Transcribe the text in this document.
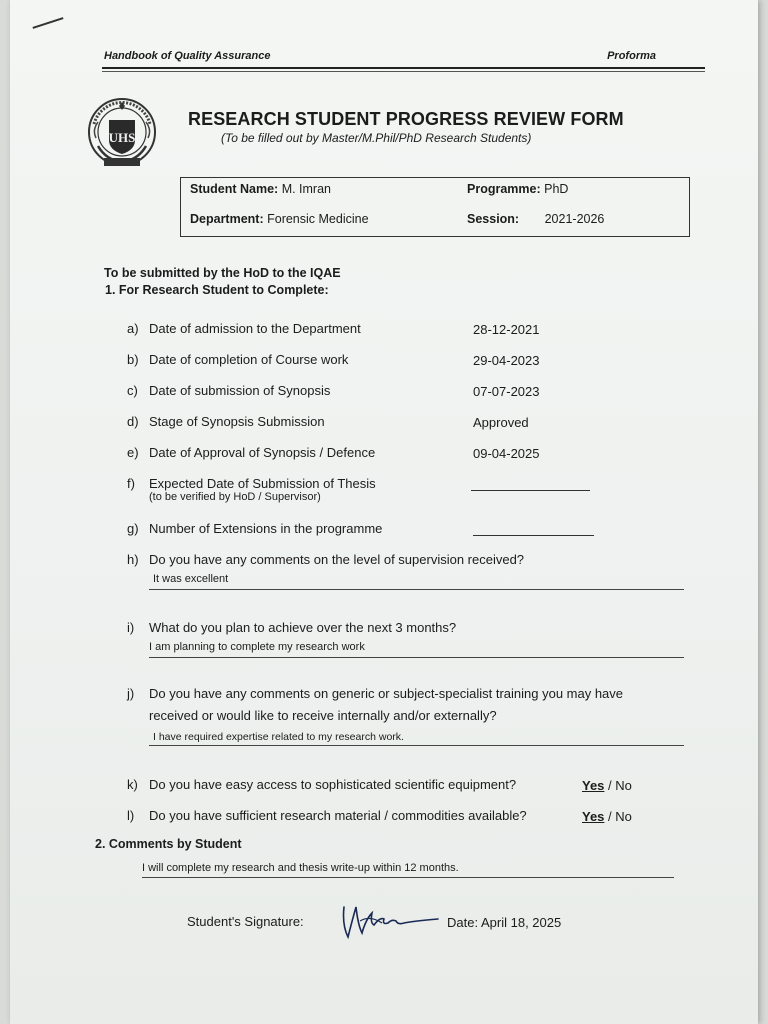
Handbook of Quality Assurance	Proforma
UHS
RESEARCH STUDENT PROGRESS REVIEW FORM
(To be filled out by Master/M.Phil/PhD Research Students)
Student Name: M. Imran	Programme: PhD
Department: Forensic Medicine	Session: 2021-2026
To be submitted by the HoD to the IQAE
1. For Research Student to Complete:
a) Date of admission to the Department	28-12-2021
b) Date of completion of Course work	29-04-2023
c) Date of submission of Synopsis	07-07-2023
d) Stage of Synopsis Submission	Approved
e) Date of Approval of Synopsis / Defence	09-04-2025
f) Expected Date of Submission of Thesis
(to be verified by HoD / Supervisor)
g) Number of Extensions in the programme
h) Do you have any comments on the level of supervision received?
It was excellent
i) What do you plan to achieve over the next 3 months?
I am planning to complete my research work
j) Do you have any comments on generic or subject-specialist training you may have
received or would like to receive internally and/or externally?
I have required expertise related to my research work.
k) Do you have easy access to sophisticated scientific equipment?	Yes / No
l) Do you have sufficient research material / commodities available?	Yes / No
2. Comments by Student
I will complete my research and thesis write-up within 12 months.
Student's Signature:	Date: April 18, 2025
